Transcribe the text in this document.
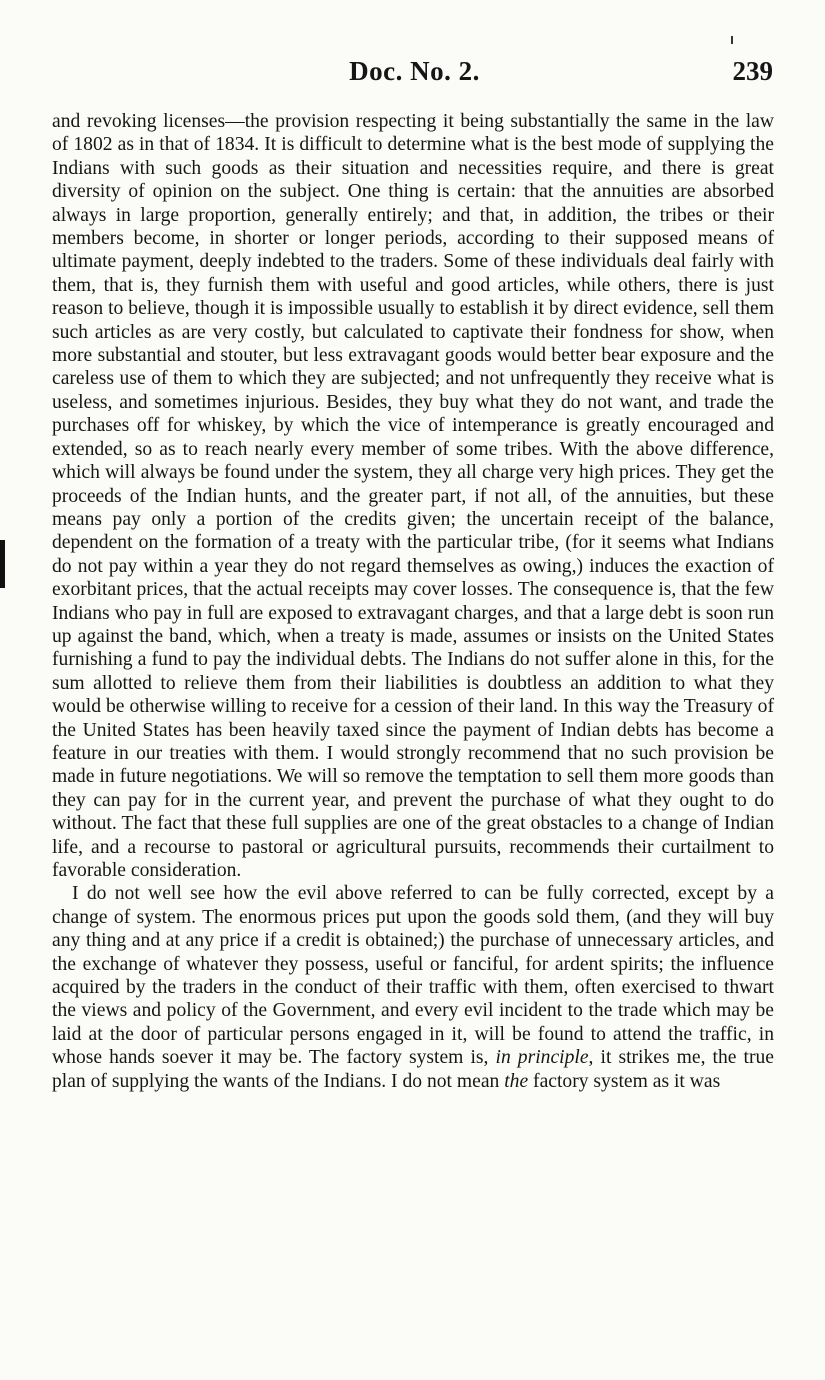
Doc. No. 2.	239

and revoking licenses—the provision respecting it being substantially the same in the law of 1802 as in that of 1834. It is difficult to determine what is the best mode of supplying the Indians with such goods as their situation and necessities require, and there is great diversity of opinion on the subject. One thing is certain: that the annuities are absorbed always in large proportion, generally entirely; and that, in addition, the tribes or their members become, in shorter or longer periods, according to their supposed means of ultimate payment, deeply indebted to the traders. Some of these individuals deal fairly with them, that is, they furnish them with useful and good articles, while others, there is just reason to believe, though it is impossible usually to establish it by direct evidence, sell them such articles as are very costly, but calculated to captivate their fondness for show, when more substantial and stouter, but less extravagant goods would better bear exposure and the careless use of them to which they are subjected; and not unfrequently they receive what is useless, and sometimes injurious. Besides, they buy what they do not want, and trade the purchases off for whiskey, by which the vice of intemperance is greatly encouraged and extended, so as to reach nearly every member of some tribes. With the above difference, which will always be found under the system, they all charge very high prices. They get the proceeds of the Indian hunts, and the greater part, if not all, of the annuities, but these means pay only a portion of the credits given; the uncertain receipt of the balance, dependent on the formation of a treaty with the particular tribe, (for it seems what Indians do not pay within a year they do not regard themselves as owing,) induces the exaction of exorbitant prices, that the actual receipts may cover losses. The consequence is, that the few Indians who pay in full are exposed to extravagant charges, and that a large debt is soon run up against the band, which, when a treaty is made, assumes or insists on the United States furnishing a fund to pay the individual debts. The Indians do not suffer alone in this, for the sum allotted to relieve them from their liabilities is doubtless an addition to what they would be otherwise willing to receive for a cession of their land. In this way the Treasury of the United States has been heavily taxed since the payment of Indian debts has become a feature in our treaties with them. I would strongly recommend that no such provision be made in future negotiations. We will so remove the temptation to sell them more goods than they can pay for in the current year, and prevent the purchase of what they ought to do without. The fact that these full supplies are one of the great obstacles to a change of Indian life, and a recourse to pastoral or agricultural pursuits, recommends their curtailment to favorable consideration.

I do not well see how the evil above referred to can be fully corrected, except by a change of system. The enormous prices put upon the goods sold them, (and they will buy any thing and at any price if a credit is obtained;) the purchase of unnecessary articles, and the exchange of whatever they possess, useful or fanciful, for ardent spirits; the influence acquired by the traders in the conduct of their traffic with them, often exercised to thwart the views and policy of the Government, and every evil incident to the trade which may be laid at the door of particular persons engaged in it, will be found to attend the traffic, in whose hands soever it may be. The factory system is, in principle, it strikes me, the true plan of supplying the wants of the Indians. I do not mean the factory system as it was
